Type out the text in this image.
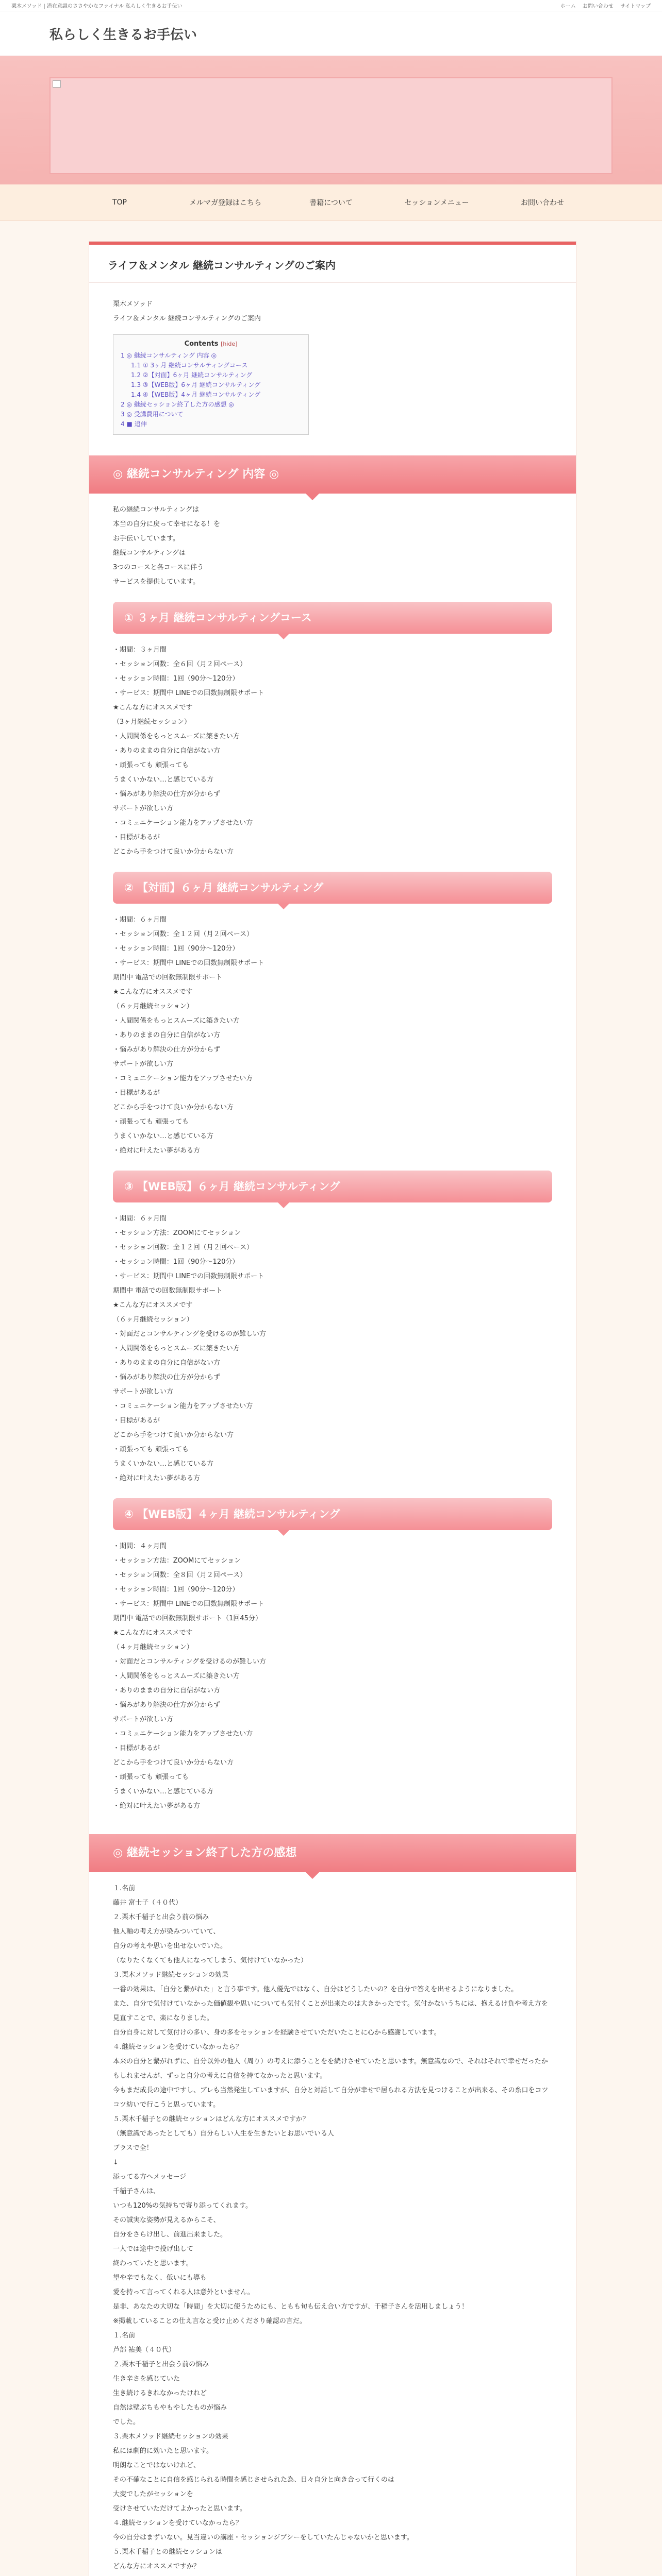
栗木メソッド | 潜在意識のささやかなファイナル 私らしく生きるお手伝い	ホーム お問い合わせ サイトマップ
私らしく生きるお手伝い
TOP	メルマガ登録はこちら	書籍について	セッションメニュー	お問い合わせ
ライフ＆メンタル 継続コンサルティングのご案内

栗木メソッド

ライフ＆メンタル 継続コンサルティングのご案内

Contents [hide]
1 ◎ 継続コンサルティング 内容 ◎
1.1 ① 3ヶ月 継続コンサルティングコース
1.2 ②【対面】6ヶ月 継続コンサルティング
1.3 ③【WEB版】6ヶ月 継続コンサルティング
1.4 ④【WEB版】4ヶ月 継続コンサルティング
2 ◎ 継続セッション終了した方の感想 ◎
3 ◎ 受講費用について
4 ■ 追伸
◎ 継続コンサルティング 内容 ◎

私の継続コンサルティングは

本当の自分に戻って幸せになる！を

お手伝いしています。

継続コンサルティングは

3つのコースと各コースに伴う

サービスを提供しています。

① ３ヶ月 継続コンサルティングコース

・期間：３ヶ月間

・セッション回数：全６回（月２回ペース）

・セッション時間：1回（90分〜120分）

・サービス：期間中 LINEでの回数無制限サポート

★こんな方にオススメです

（3ヶ月継続セッション）

・人間関係をもっとスムーズに築きたい方

・ありのままの自分に自信がない方

・頑張っても 頑張っても

うまくいかない…と感じている方

・悩みがあり解決の仕方が分からず

サポートが欲しい方

・コミュニケーション能力をアップさせたい方

・目標があるが

どこから手をつけて良いか分からない方

② 【対面】６ヶ月 継続コンサルティング

・期間：６ヶ月間

・セッション回数：全１２回（月２回ペース）

・セッション時間：1回（90分〜120分）

・サービス：期間中 LINEでの回数無制限サポート

期間中 電話での回数無制限サポート

★こんな方にオススメです

（６ヶ月継続セッション）

・人間関係をもっとスムーズに築きたい方

・ありのままの自分に自信がない方

・悩みがあり解決の仕方が分からず

サポートが欲しい方

・コミュニケーション能力をアップさせたい方

・目標があるが

どこから手をつけて良いか分からない方

・頑張っても 頑張っても

うまくいかない…と感じている方

・絶対に叶えたい夢がある方

③ 【WEB版】６ヶ月 継続コンサルティング

・期間：６ヶ月間

・セッション方法：ZOOMにてセッション

・セッション回数：全１２回（月２回ペース）

・セッション時間：1回（90分〜120分）

・サービス：期間中 LINEでの回数無制限サポート

期間中 電話での回数無制限サポート

★こんな方にオススメです

（６ヶ月継続セッション）

・対面だとコンサルティングを受けるのが難しい方

・人間関係をもっとスムーズに築きたい方

・ありのままの自分に自信がない方

・悩みがあり解決の仕方が分からず

サポートが欲しい方

・コミュニケーション能力をアップさせたい方

・目標があるが

どこから手をつけて良いか分からない方

・頑張っても 頑張っても

うまくいかない…と感じている方

・絶対に叶えたい夢がある方

④ 【WEB版】４ヶ月 継続コンサルティング

・期間：４ヶ月間

・セッション方法：ZOOMにてセッション

・セッション回数：全８回（月２回ペース）

・セッション時間：1回（90分〜120分）

・サービス：期間中 LINEでの回数無制限サポート

期間中 電話での回数無制限サポート（1回45分）

★こんな方にオススメです

（４ヶ月継続セッション）

・対面だとコンサルティングを受けるのが難しい方

・人間関係をもっとスムーズに築きたい方

・ありのままの自分に自信がない方

・悩みがあり解決の仕方が分からず

サポートが欲しい方

・コミュニケーション能力をアップさせたい方

・目標があるが

どこから手をつけて良いか分からない方

・頑張っても 頑張っても

うまくいかない…と感じている方

・絶対に叶えたい夢がある方

◎ 継続セッション終了した方の感想

１.名前

藤井 富士子（４０代）

２.栗木千稲子と出会う前の悩み

他人軸の考え方が染みついていて、

自分の考えや思いを出せないでいた。

（なりたくなくても他人になってしまう、気付けていなかった）

３.栗木メソッド継続セッションの効果

一番の効果は、「自分と繋がれた」と言う事です。他人優先ではなく、自分はどうしたいの？を自分で答えを出せるようになりました。

また、自分で気付けていなかった価値観や思いについても気付くことが出来たのは大きかったです。気付かないうちには、抱えるけ負や考え方を見直すことで、楽になりました。

自分自身に対して気付けの多い、身の多をセッションを経験させていただいたことに心から感謝しています。

４.継続セッションを受けていなかったら？

本来の自分と繋がれずに、自分以外の他人（周り）の考えに添うことをを続けさせていたと思います。無意識なので、それはそれで幸せだったかもしれませんが、ずっと自分の考えに自信を持てなかったと思います。

今もまだ成長の途中ですし、ブレも当然発生していますが、自分と対話して自分が幸せで居られる方法を見つけることが出来る、その糸口をコツコツ紡いで行こうと思っています。

５.栗木千稲子との継続セッションはどんな方にオススメですか？

（無意識であったとしても）自分らしい人生を生きたいとお思いでいる人

ブラスで全！

↓

添ってる方へメッセージ

千稲子さんは、

いつも120%の気持ちで寄り添ってくれます。

その誠実な姿勢が見えるからこそ、

自分をさらけ出し、前進出来ました。

一人では途中で投げ出して

終わっていたと思います。

望や辛でもなく、低いにも導も

愛を持って言ってくれる人は意外といません。

是非、あなたの大切な「時間」を大切に使うためにも、ともも旬も伝え合い方ですが、千稲子さんを活用しましょう！

※掲載していることの仕え言なと受け止めくださり確認の言だ。

１.名前

芦部 祐美（４０代）

２.栗木千稲子と出会う前の悩み

生き辛さを感じていた

生き続けるきれなかったけれど

自然は壁ぶちもやもやしたものが悩み

でした。

３.栗木メソッド継続セッションの効果

私には劇的に効いたと思います。

明朗なことではないけれど、

その不確なことに自信を感じられる時間を感じさせられた為、日々自分と向き合って行くのは

大変でしたがセッションを

受けさせていただけてよかったと思います。

４.継続セッションを受けていなかったら？

今の自分はまずいない。見当違いの講座・セッションジプシーをしていたんじゃないかと思います。

５.栗木千稲子との継続セッションは

どんな方にオススメですか？
